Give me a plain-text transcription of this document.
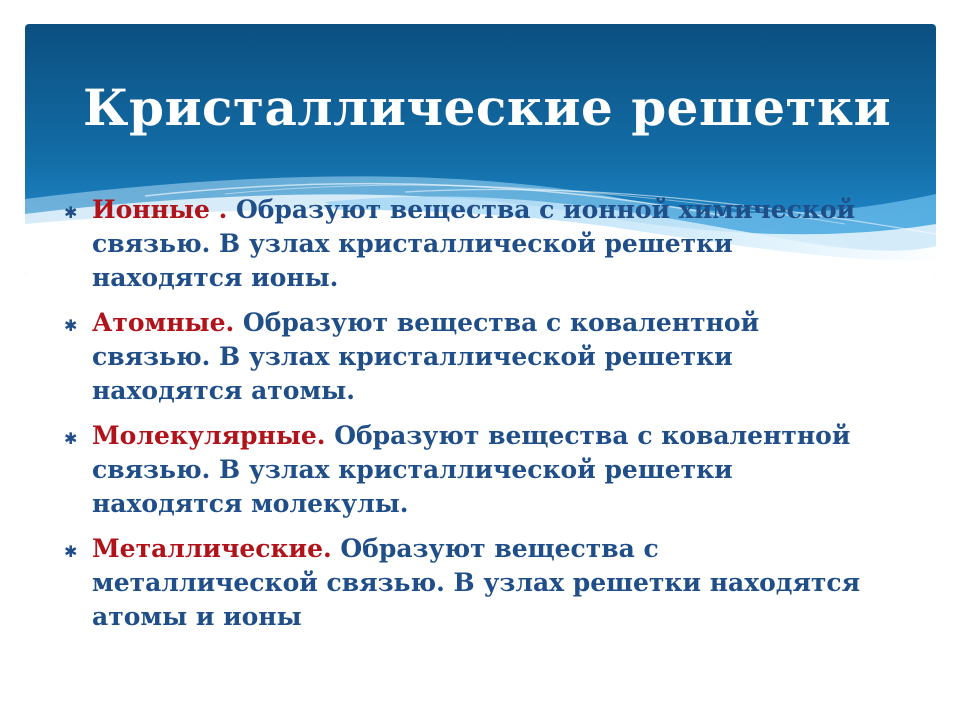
Кристаллические решетки
✱ Ионные . Образуют вещества с ионной химической
связью. В узлах кристаллической решетки
находятся ионы.
✱ Атомные. Образуют вещества с ковалентной
связью. В узлах кристаллической решетки
находятся атомы.
✱ Молекулярные. Образуют вещества с ковалентной
связью. В узлах кристаллической решетки
находятся молекулы.
✱ Металлические. Образуют вещества с
металлической связью. В узлах решетки находятся
атомы и ионы
